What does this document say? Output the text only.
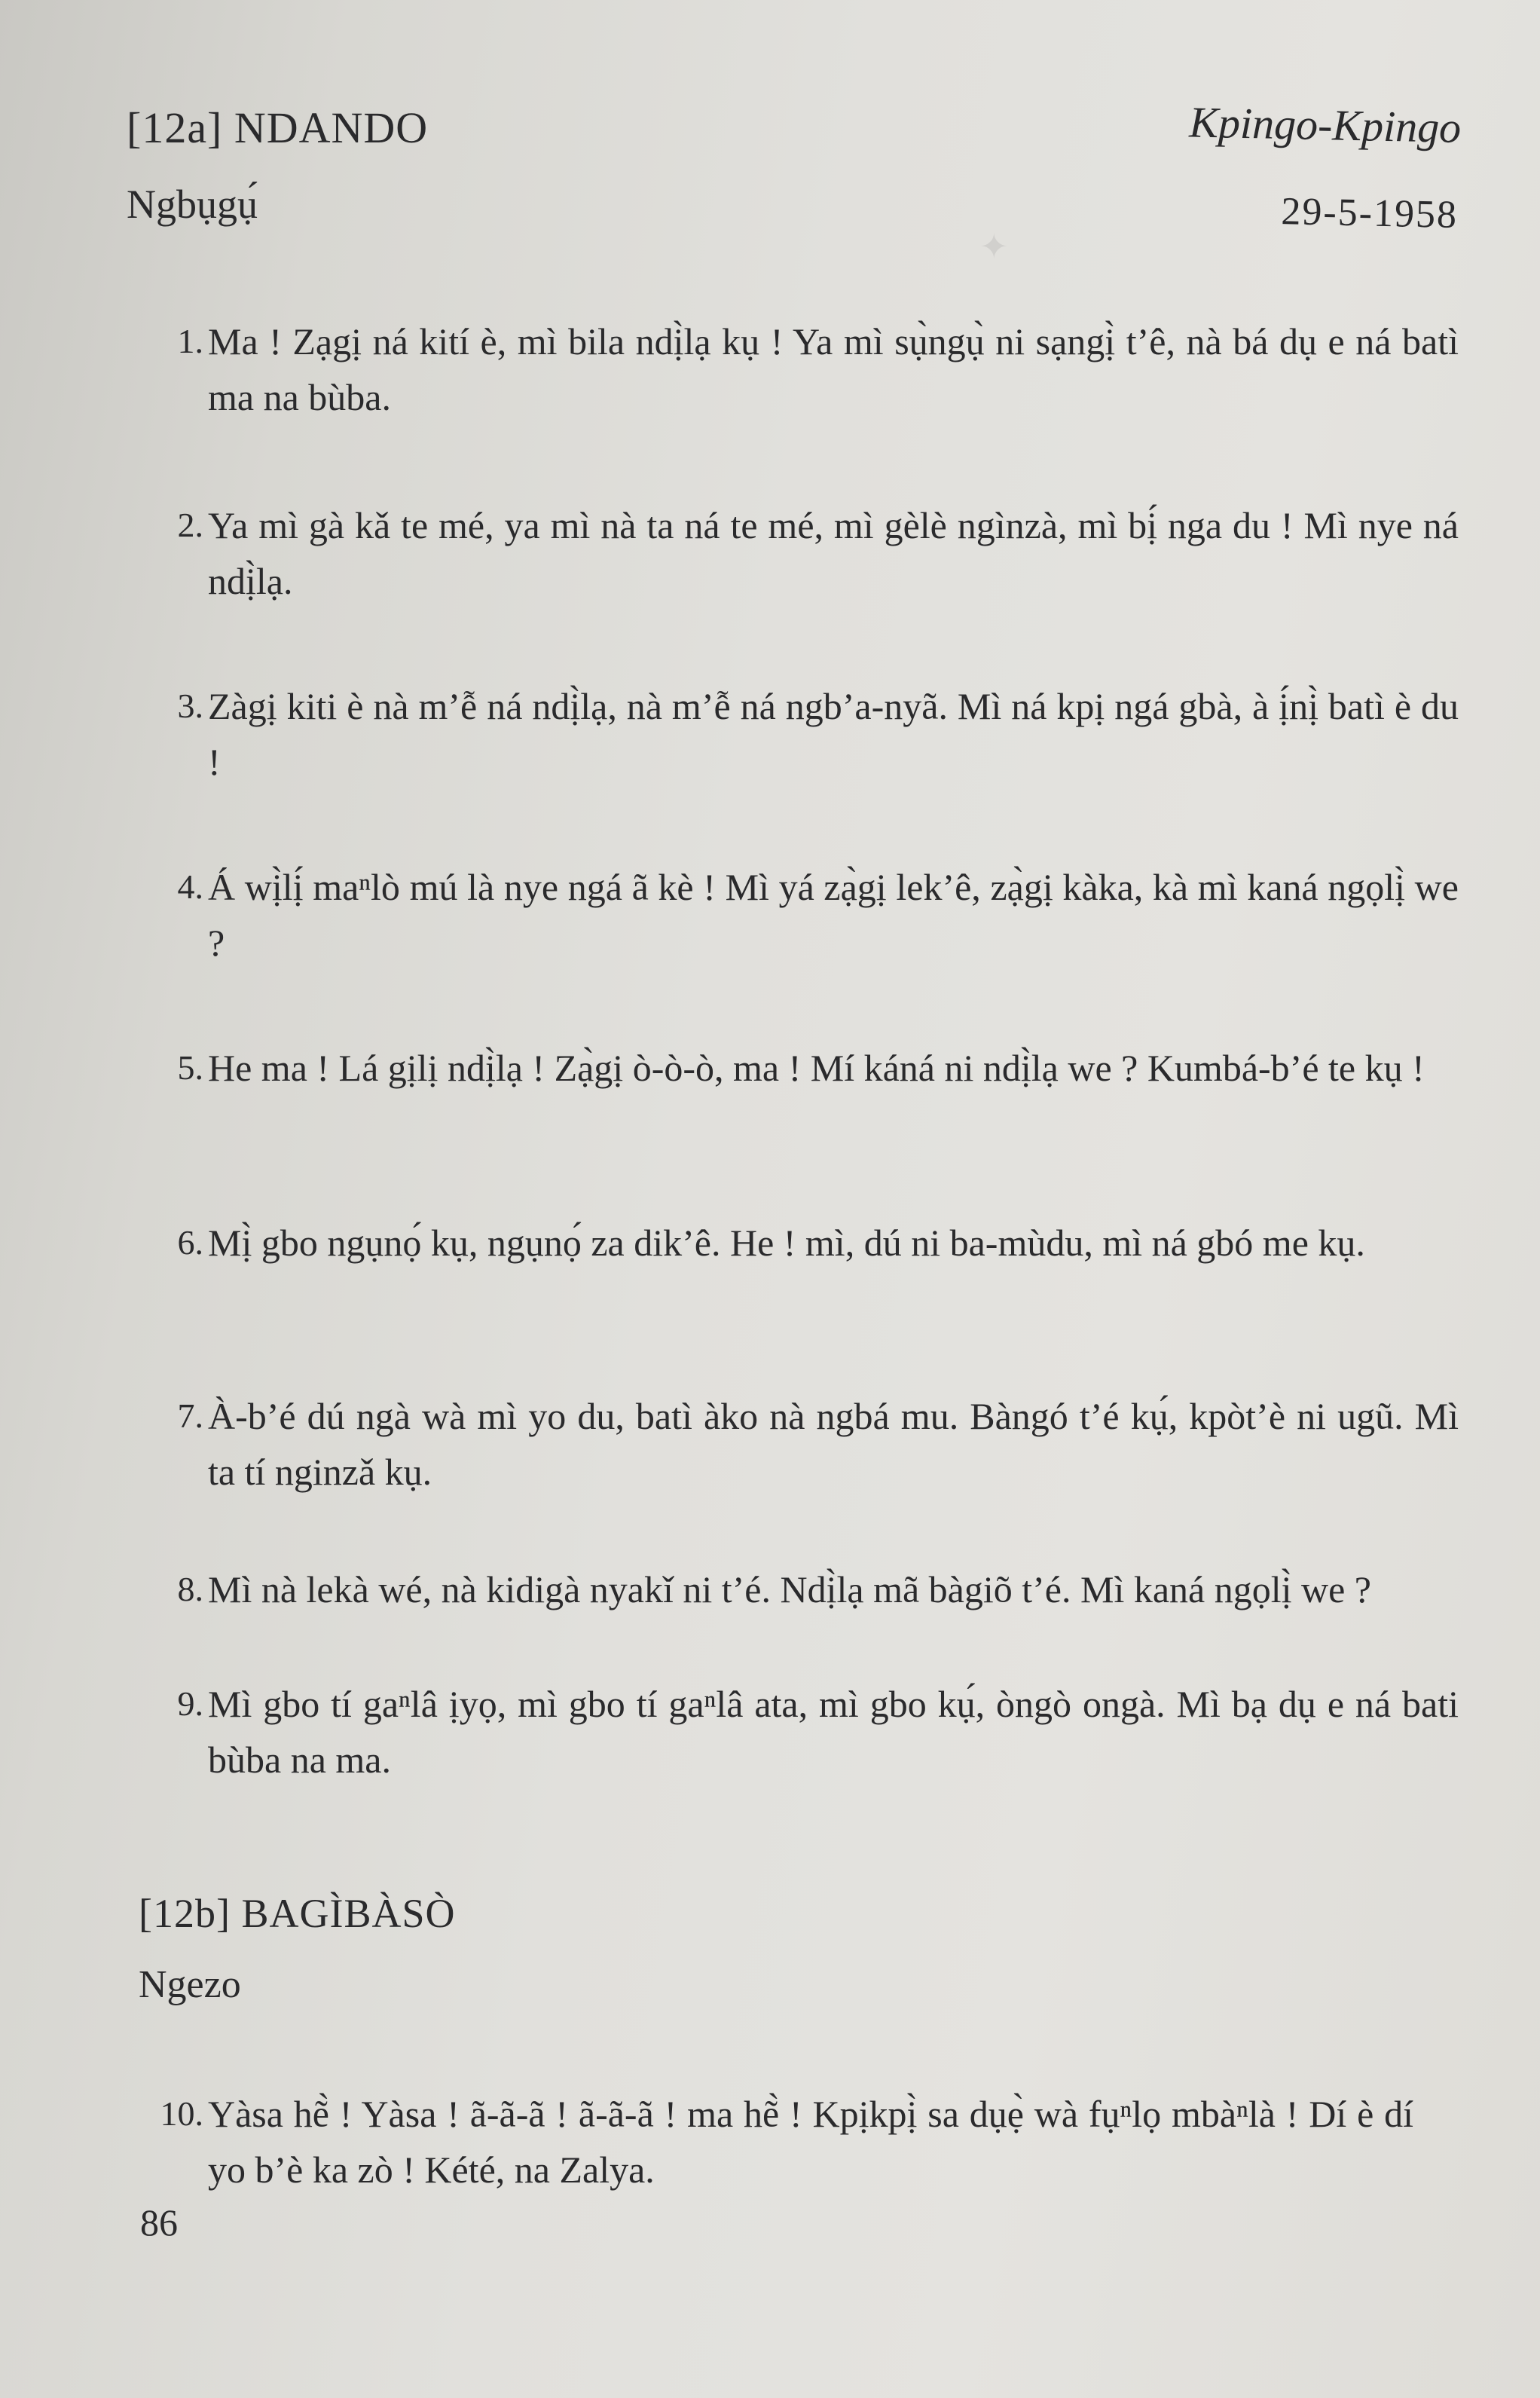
✦
[12a] NDANDO	Kpingo-Kpingo
Ngbụgụ́	29-5-1958
1. Ma ! Zạgị ná kití è, mì bila ndị̀lạ kụ ! Ya mì sụ̀ngụ̀ ni sạngị̀ t’ê, nà bá dụ e ná batì ma na bùba.
2. Ya mì gà kǎ te mé, ya mì nà ta ná te mé, mì gèlè ngìnzà, mì bị́ nga du ! Mì nye ná ndị̀lạ.
3. Zàgị kiti è nà m’ễ ná ndị̀lạ, nà m’ễ ná ngb’a-nyã. Mì ná kpị ngá gbà, à ị́nị̀ batì è du !
4. Á wị̀lị́ maⁿlò mú là nye ngá ã kè ! Mì yá zạ̀gị lek’ê, zạ̀gị kàka, kà mì kaná ngọlị̀ we ?
5. He ma ! Lá gịlị ndị̀lạ ! Zạ̀gị ò-ò-ò, ma ! Mí káná ni ndị̀lạ we ? Kumbá-b’é te kụ !
6. Mị̀ gbo ngụnọ́ kụ, ngụnọ́ za dik’ê. He ! mì, dú ni ba-mùdu, mì ná gbó me kụ.
7. À-b’é dú ngà wà mì yo du, batì àko nà ngbá mu. Bàngó t’é kụ́, kpòt’è ni ugũ. Mì ta tí nginzǎ kụ.
8. Mì nà lekà wé, nà kidigà nyakǐ ni t’é. Ndị̀lạ mã bàgiõ t’é. Mì kaná ngọlị̀ we ?
9. Mì gbo tí gaⁿlâ ịyọ, mì gbo tí gaⁿlâ ata, mì gbo kụ́, òngò ongà. Mì bạ dụ e ná bati bùba na ma.
[12b] BAGÌBÀSÒ
Ngezo
10. Yàsa hẽ̀ ! Yàsa ! ã-ã-ã ! ã-ã-ã ! ma hẽ̀ ! Kpịkpị̀ sa dụẹ̀ wà fụⁿlọ mbàⁿlà ! Dí è dí yo b’è ka zò ! Kété, na Zalya.
86
